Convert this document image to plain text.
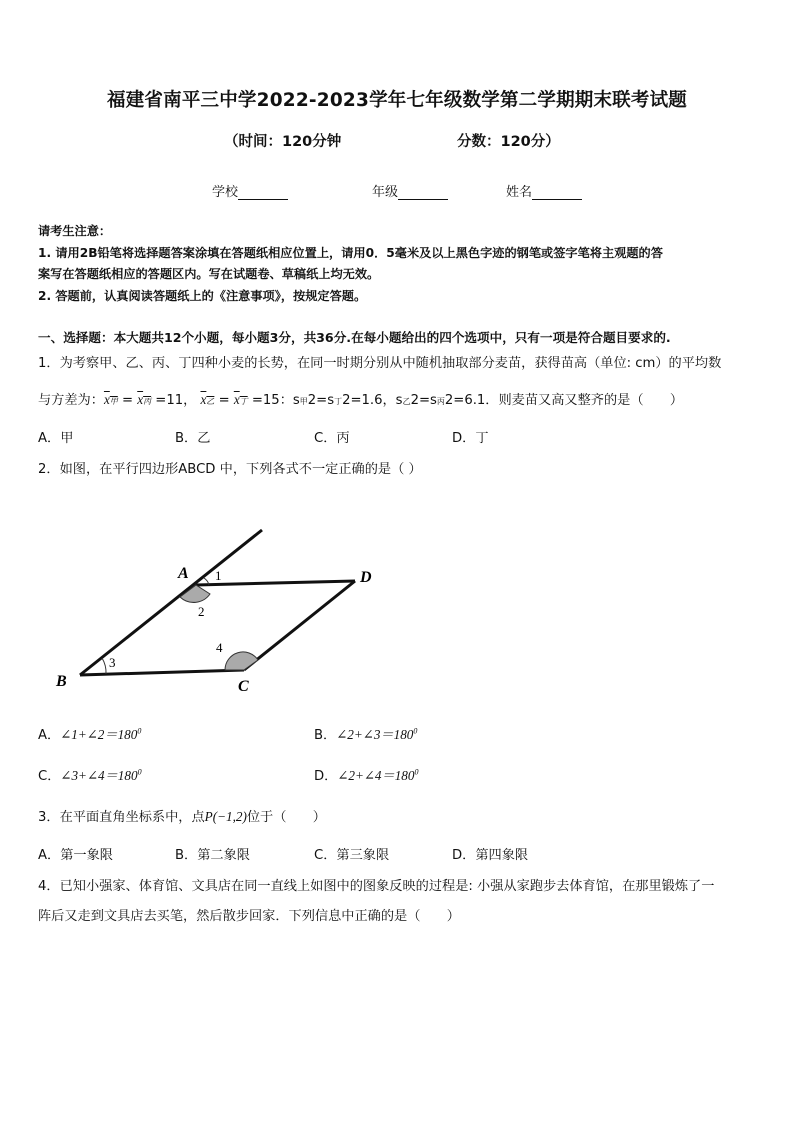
福建省南平三中学2022-2023学年七年级数学第二学期期末联考试题
（时间：120分钟	分数：120分）
学校	年级	姓名
请考生注意：
1. 请用2B铅笔将选择题答案涂填在答题纸相应位置上，请用0．5毫米及以上黑色字迹的钢笔或签字笔将主观题的答
案写在答题纸相应的答题区内。写在试题卷、草稿纸上均无效。
2. 答题前，认真阅读答题纸上的《注意事项》，按规定答题。
一、选择题：本大题共12个小题，每小题3分，共36分.在每小题给出的四个选项中，只有一项是符合题目要求的.
1．为考察甲、乙、丙、丁四种小麦的长势，在同一时期分别从中随机抽取部分麦苗，获得苗高（单位: cm）的平均数
与方差为：x甲 = x丙 =11， x乙 = x丁 =15：s甲2=s丁2=1.6，s乙2=s丙2=6.1．则麦苗又高又整齐的是（　　）
A．甲	B．乙	C．丙	D．丁
2．如图，在平行四边形ABCD 中，下列各式不一定正确的是（ ）
A
B	C
D
1
2
3
4
A．$\angle 1+\angle 2=180^0$	B．$\angle 2+\angle 3=180^0$
C．$\angle 3+\angle 4=180^0$	D．$\angle 2+\angle 4=180^0$
3．在平面直角坐标系中，点P(−1,2)位于（　　）
A．第一象限	B．第二象限	C．第三象限	D．第四象限
4．已知小强家、体育馆、文具店在同一直线上如图中的图象反映的过程是: 小强从家跑步去体育馆，在那里锻炼了一
阵后又走到文具店去买笔，然后散步回家．下列信息中正确的是（　　）
